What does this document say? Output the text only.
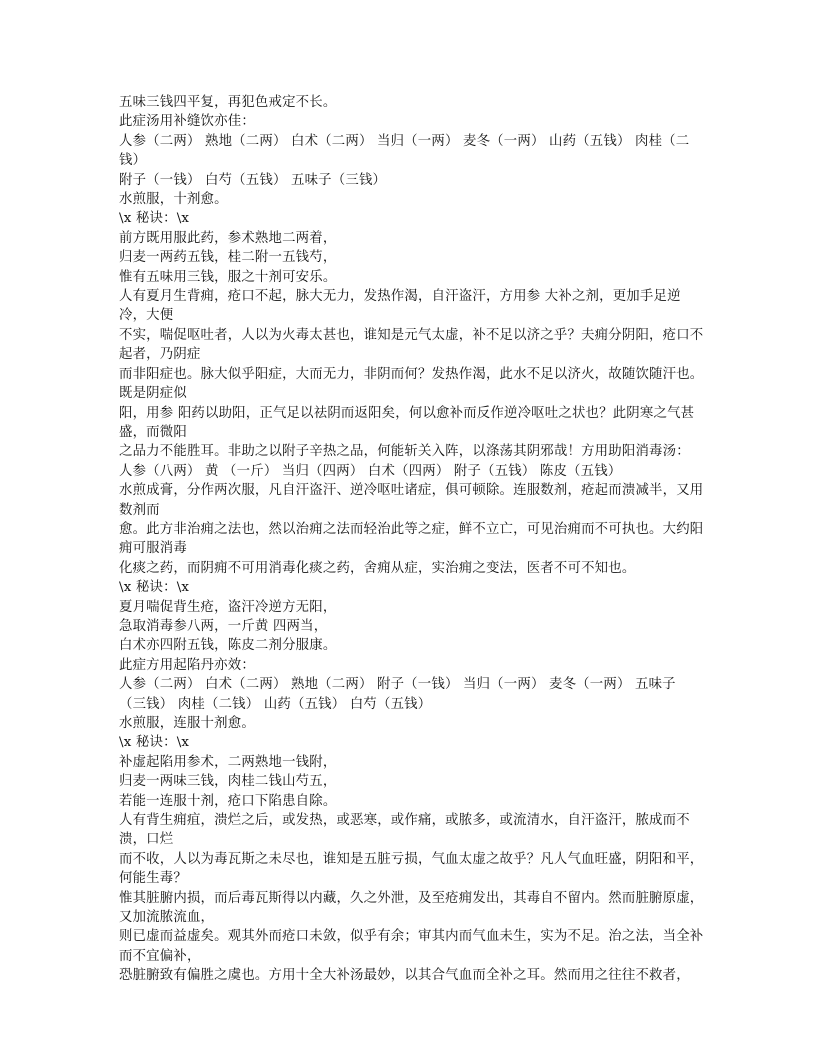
五味三钱四平复，再犯色戒定不长。

此症汤用补缝饮亦佳：

人参（二两） 熟地（二两） 白术（二两） 当归（一两） 麦冬（一两） 山药（五钱） 肉桂（二钱）

附子（一钱） 白芍（五钱） 五味子（三钱）

水煎服，十剂愈。

\x 秘诀：\x

前方既用服此药，参术熟地二两着，

归麦一两药五钱，桂二附一五钱芍，

惟有五味用三钱，服之十剂可安乐。

人有夏月生背痈，疮口不起，脉大无力，发热作渴，自汗盗汗，方用参 大补之剂，更加手足逆冷，大便

不实，喘促呕吐者，人以为火毒太甚也，谁知是元气太虚，补不足以济之乎？夫痈分阴阳，疮口不起者，乃阴症

而非阳症也。脉大似乎阳症，大而无力，非阴而何？发热作渴，此水不足以济火，故随饮随汗也。既是阴症似

阳，用参 阳药以助阳，正气足以祛阴而返阳矣，何以愈补而反作逆冷呕吐之状也？此阴寒之气甚盛，而微阳

之品力不能胜耳。非助之以附子辛热之品，何能斩关入阵，以涤荡其阴邪哉！方用助阳消毒汤：

人参（八两） 黄 （一斤） 当归（四两） 白术（四两） 附子（五钱） 陈皮（五钱）

水煎成膏，分作两次服，凡自汗盗汗、逆冷呕吐诸症，俱可顿除。连服数剂，疮起而溃减半，又用数剂而

愈。此方非治痈之法也，然以治痈之法而轻治此等之症，鲜不立亡，可见治痈而不可执也。大约阳痈可服消毒

化痰之药，而阴痈不可用消毒化痰之药，舍痈从症，实治痈之变法，医者不可不知也。

\x 秘诀：\x

夏月喘促背生疮，盗汗冷逆方无阳，

急取消毒参八两，一斤黄 四两当，

白术亦四附五钱，陈皮二剂分服康。

此症方用起陷丹亦效：

人参（二两） 白术（二两） 熟地（二两） 附子（一钱） 当归（一两） 麦冬（一两） 五味子

（三钱） 肉桂（二钱） 山药（五钱） 白芍（五钱）

水煎服，连服十剂愈。

\x 秘诀：\x

补虚起陷用参术，二两熟地一钱附，

归麦一两味三钱，肉桂二钱山芍五，

若能一连服十剂，疮口下陷患自除。

人有背生痈疽，溃烂之后，或发热，或恶寒，或作痛，或脓多，或流清水，自汗盗汗，脓成而不溃，口烂

而不收，人以为毒瓦斯之未尽也，谁知是五脏亏损，气血太虚之故乎？凡人气血旺盛，阴阳和平，何能生毒？

惟其脏腑内损，而后毒瓦斯得以内藏，久之外泄，及至疮痈发出，其毒自不留内。然而脏腑原虚，又加流脓流血，

则已虚而益虚矣。观其外而疮口未敛，似乎有余；审其内而气血未生，实为不足。治之法，当全补而不宜偏补，

恐脏腑致有偏胜之虞也。方用十全大补汤最妙，以其合气血而全补之耳。然而用之往往不救者，
